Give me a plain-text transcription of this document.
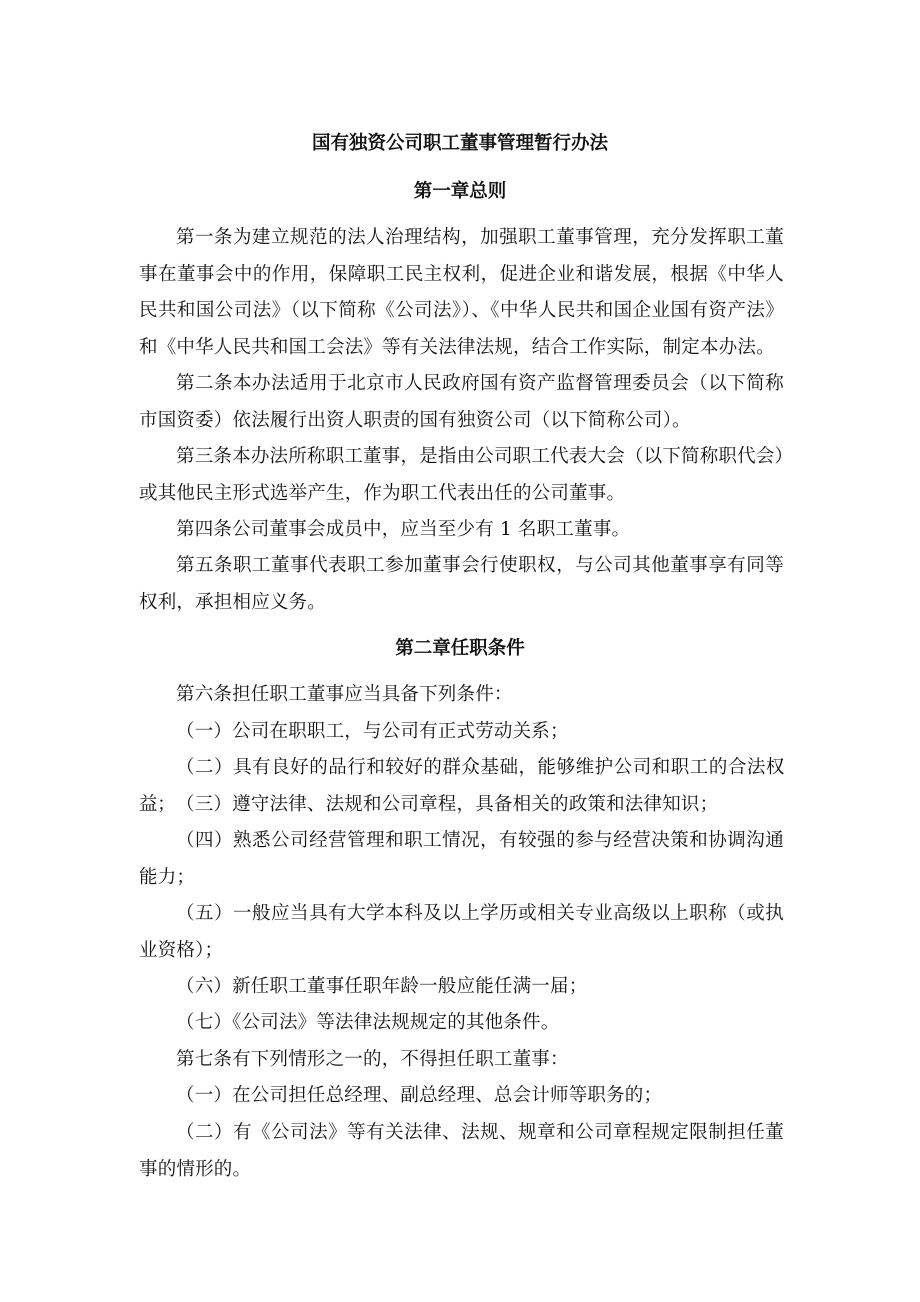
国有独资公司职工董事管理暂行办法
第一章总则

第一条为建立规范的法人治理结构，加强职工董事管理，充分发挥职工董事在董事会中的作用，保障职工民主权利，促进企业和谐发展，根据《中华人民共和国公司法》（以下简称《公司法》）、《中华人民共和国企业国有资产法》和《中华人民共和国工会法》等有关法律法规，结合工作实际，制定本办法。

第二条本办法适用于北京市人民政府国有资产监督管理委员会（以下简称市国资委）依法履行出资人职责的国有独资公司（以下简称公司）。

第三条本办法所称职工董事，是指由公司职工代表大会（以下简称职代会）或其他民主形式选举产生，作为职工代表出任的公司董事。

第四条公司董事会成员中，应当至少有 1 名职工董事。

第五条职工董事代表职工参加董事会行使职权，与公司其他董事享有同等权利，承担相应义务。

第二章任职条件

第六条担任职工董事应当具备下列条件：

（一）公司在职职工，与公司有正式劳动关系；

（二）具有良好的品行和较好的群众基础，能够维护公司和职工的合法权益； （三）遵守法律、法规和公司章程，具备相关的政策和法律知识；

（四）熟悉公司经营管理和职工情况，有较强的参与经营决策和协调沟通能力；

（五）一般应当具有大学本科及以上学历或相关专业高级以上职称（或执业资格）；

（六）新任职工董事任职年龄一般应能任满一届；

（七）《公司法》等法律法规规定的其他条件。

第七条有下列情形之一的，不得担任职工董事：

（一）在公司担任总经理、副总经理、总会计师等职务的；

（二）有《公司法》等有关法律、法规、规章和公司章程规定限制担任董事的情形的。
